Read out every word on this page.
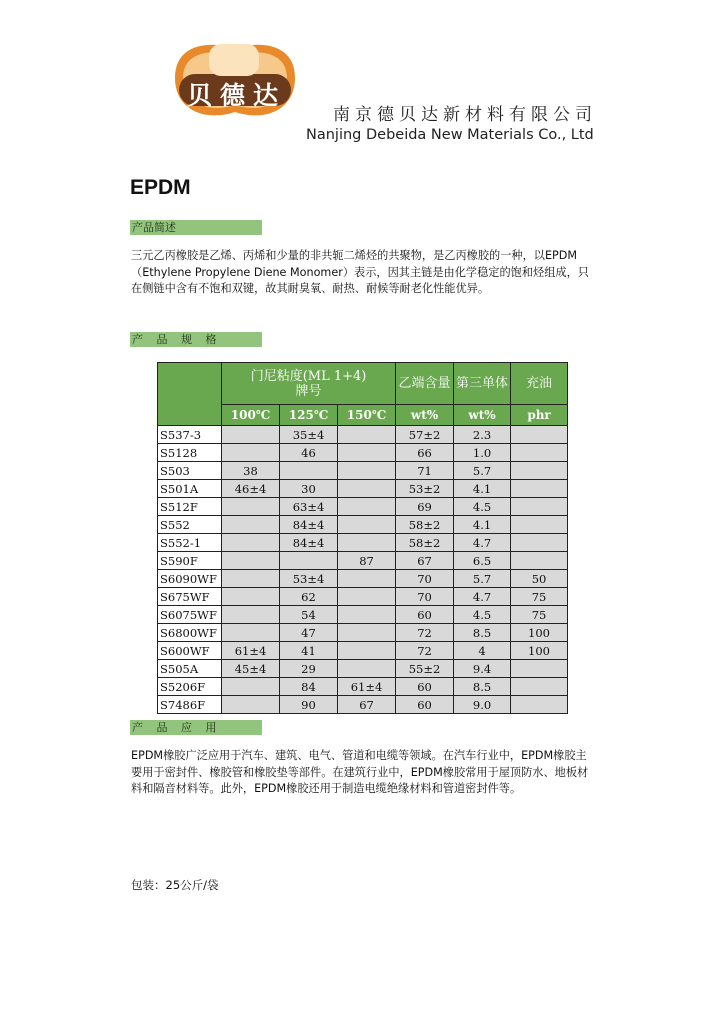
贝德达
南京德贝达新材料有限公司
Nanjing Debeida New Materials Co., Ltd
EPDM
产品简述
三元乙丙橡胶是乙烯、丙烯和少量的非共轭二烯烃的共聚物，是乙丙橡胶的一种，以EPDM（Ethylene Propylene Diene Monomer）表示，因其主链是由化学稳定的饱和烃组成，只在侧链中含有不饱和双键，故其耐臭氧、耐热、耐候等耐老化性能优异。
产 品 规 格

	门尼粘度(ML 1+4)
牌号			乙端含量	第三单体	充油
	100℃	125℃	150℃	wt%	wt%	phr
S537-3		35±4		57±2	2.3	
S5128		46		66	1.0	
S503	38			71	5.7	
S501A	46±4	30		53±2	4.1	
S512F		63±4		69	4.5	
S552		84±4		58±2	4.1	
S552-1		84±4		58±2	4.7	
S590F			87	67	6.5	
S6090WF		53±4		70	5.7	50
S675WF		62		70	4.7	75
S6075WF		54		60	4.5	75
S6800WF		47		72	8.5	100
S600WF	61±4	41		72	4	100
S505A	45±4	29		55±2	9.4	
S5206F		84	61±4	60	8.5	
S7486F		90	67	60	9.0	
产 品 应 用
EPDM橡胶广泛应用于汽车、建筑、电气、管道和电缆等领域。在汽车行业中，EPDM橡胶主要用于密封件、橡胶管和橡胶垫等部件。在建筑行业中，EPDM橡胶常用于屋顶防水、地板材料和隔音材料等。此外，EPDM橡胶还用于制造电缆绝缘材料和管道密封件等。
包装：25公斤/袋
